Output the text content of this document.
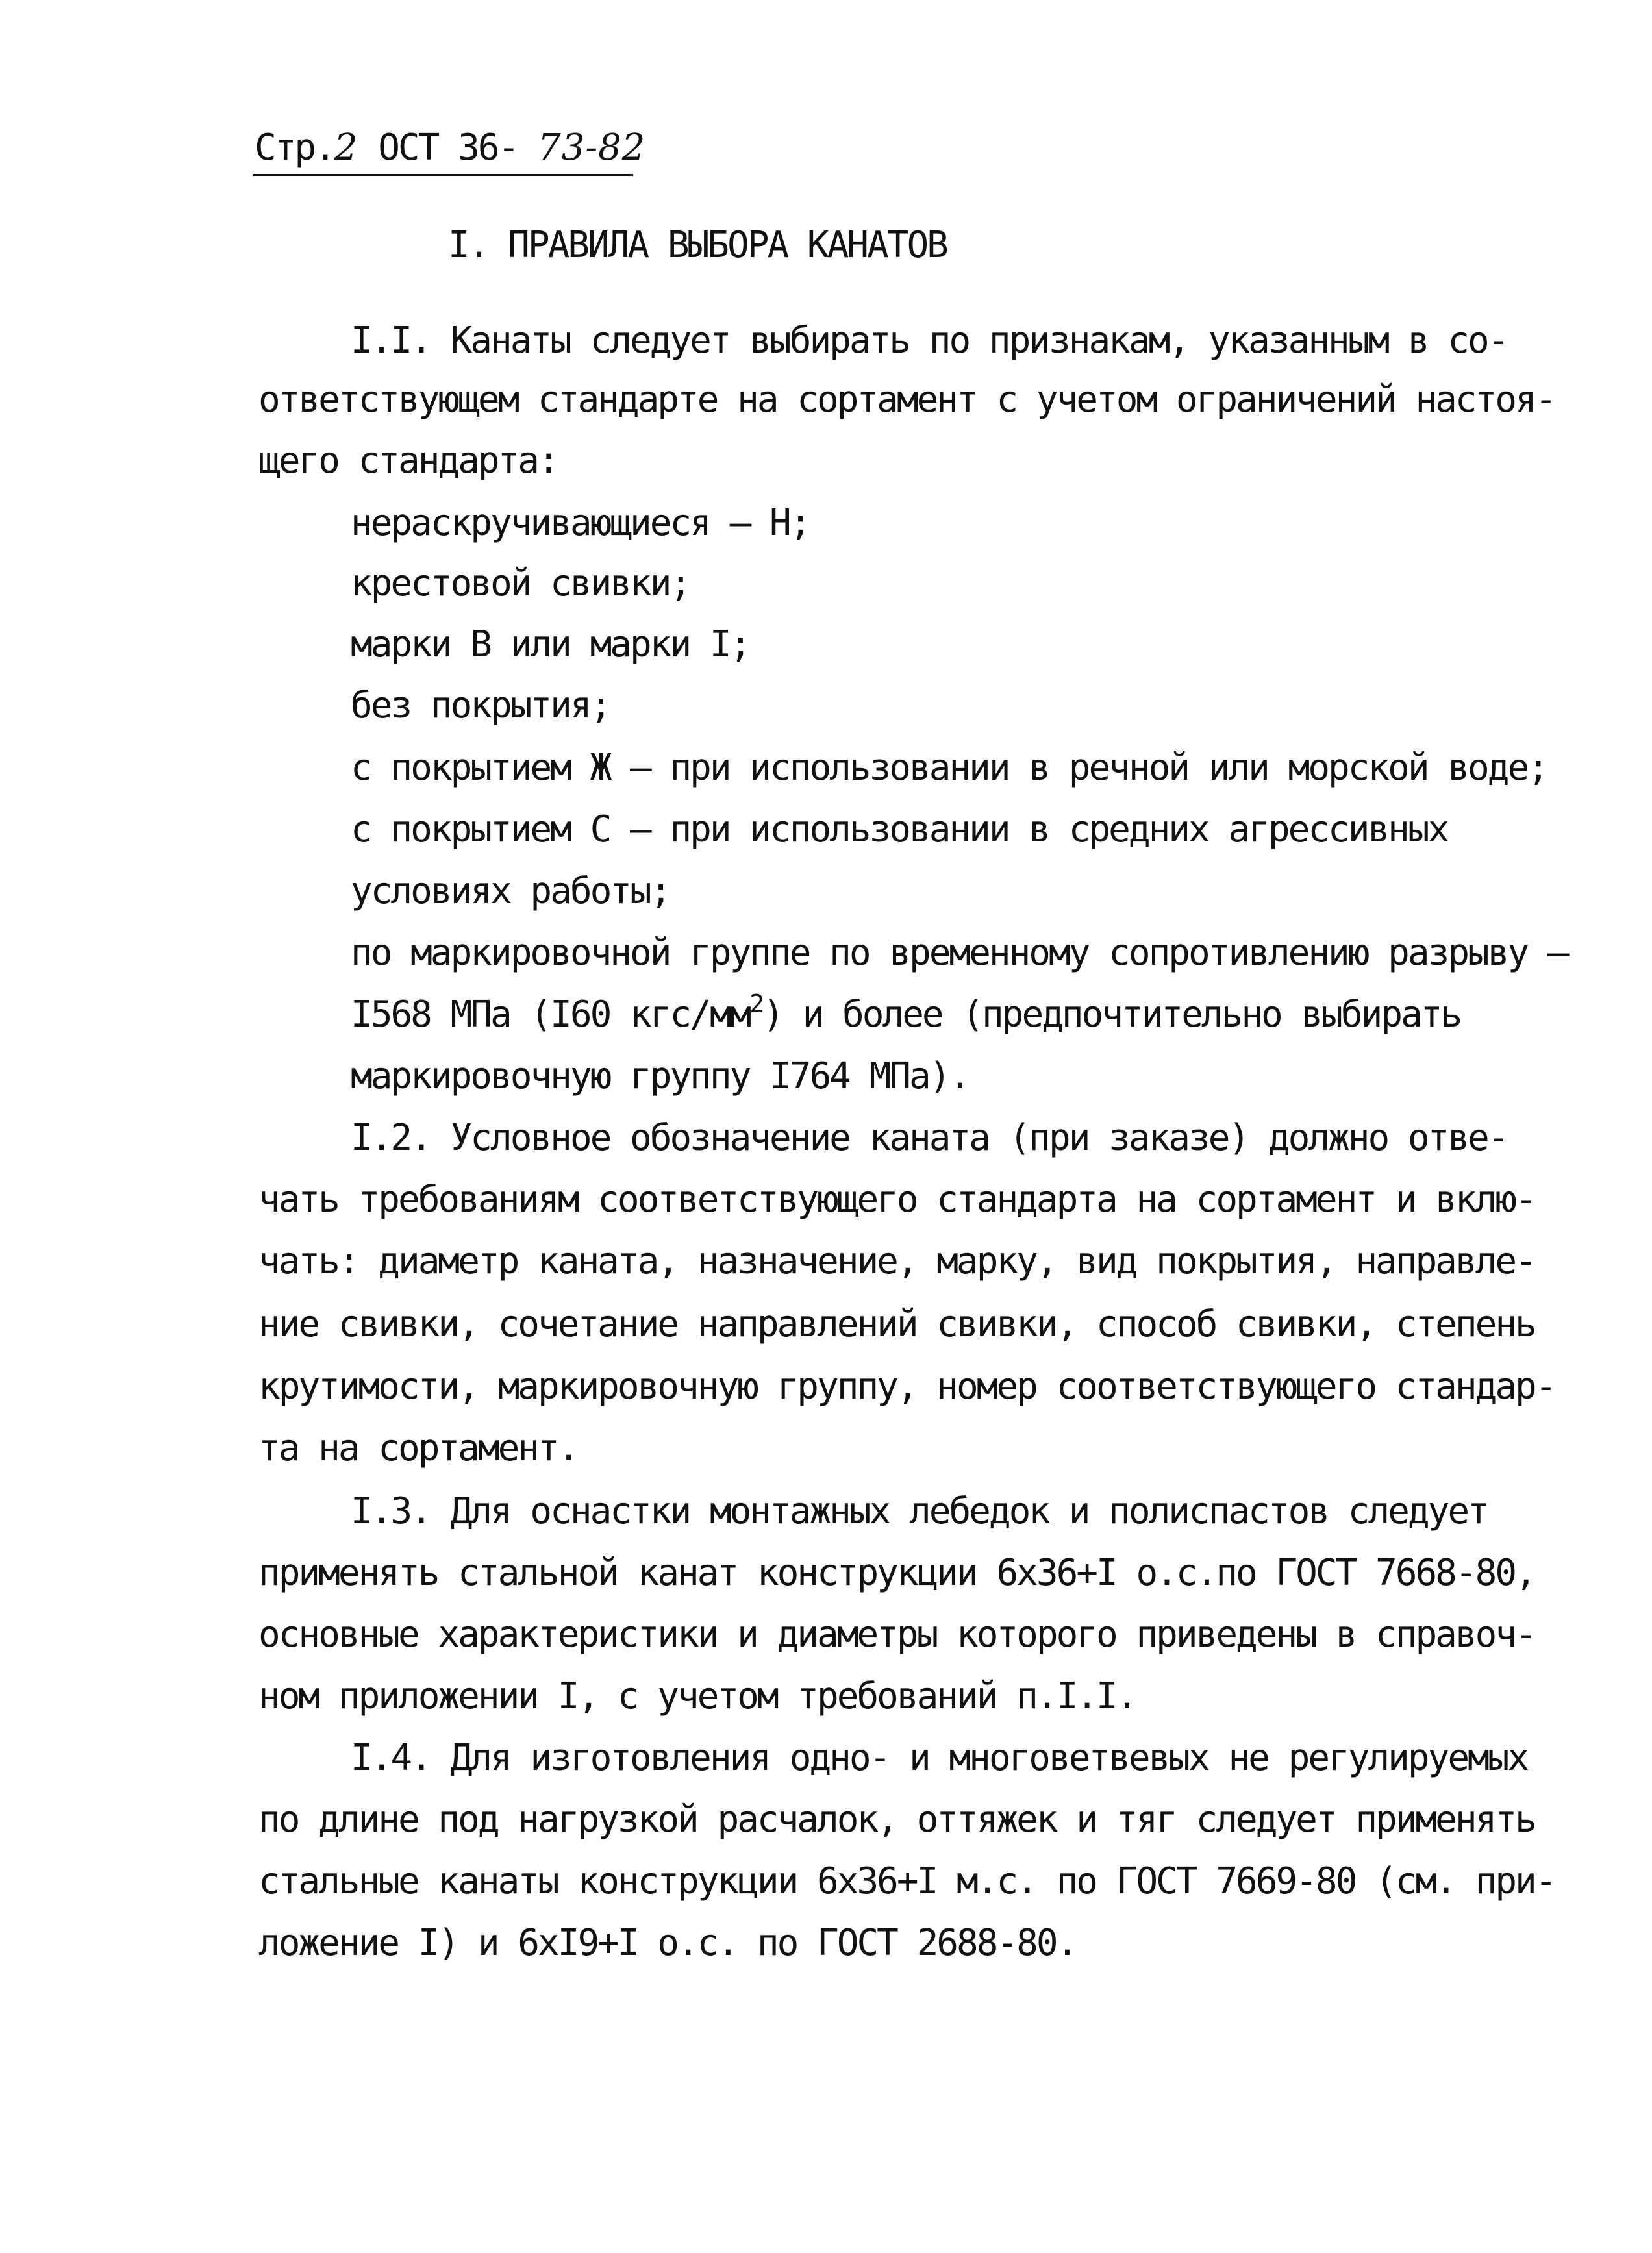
Стр.2 ОСТ 36- 73-82
I. ПРАВИЛА ВЫБОРА КАНАТОВ
I.I. Канаты следует выбирать по признакам, указанным в со-
ответствующем стандарте на сортамент с учетом ограничений настоя-
щего стандарта:
нераскручивающиеся – Н;
крестовой свивки;
марки В или марки I;
без покрытия;
с покрытием Ж – при использовании в речной или морской воде;
с покрытием С – при использовании в средних агрессивных
условиях работы;
по маркировочной группе по временному сопротивлению разрыву –
I568 МПа (I60 кгс/$мм^2$) и более (предпочтительно выбирать
маркировочную группу I764 МПа).
I.2. Условное обозначение каната (при заказе) должно отве-
чать требованиям соответствующего стандарта на сортамент и вклю-
чать: диаметр каната, назначение, марку, вид покрытия, направле-
ние свивки, сочетание направлений свивки, способ свивки, степень
крутимости, маркировочную группу, номер соответствующего стандар-
та на сортамент.
I.3. Для оснастки монтажных лебедок и полиспастов следует
применять стальной канат конструкции 6х36+I о.с.по ГОСТ 7668-80,
основные характеристики и диаметры которого приведены в справоч-
ном приложении I, с учетом требований п.I.I.
I.4. Для изготовления одно- и многоветвевых не регулируемых
по длине под нагрузкой расчалок, оттяжек и тяг следует применять
стальные канаты конструкции 6х36+I м.с. по ГОСТ 7669-80 (см. при-
ложение I) и 6хI9+I о.с. по ГОСТ 2688-80.
